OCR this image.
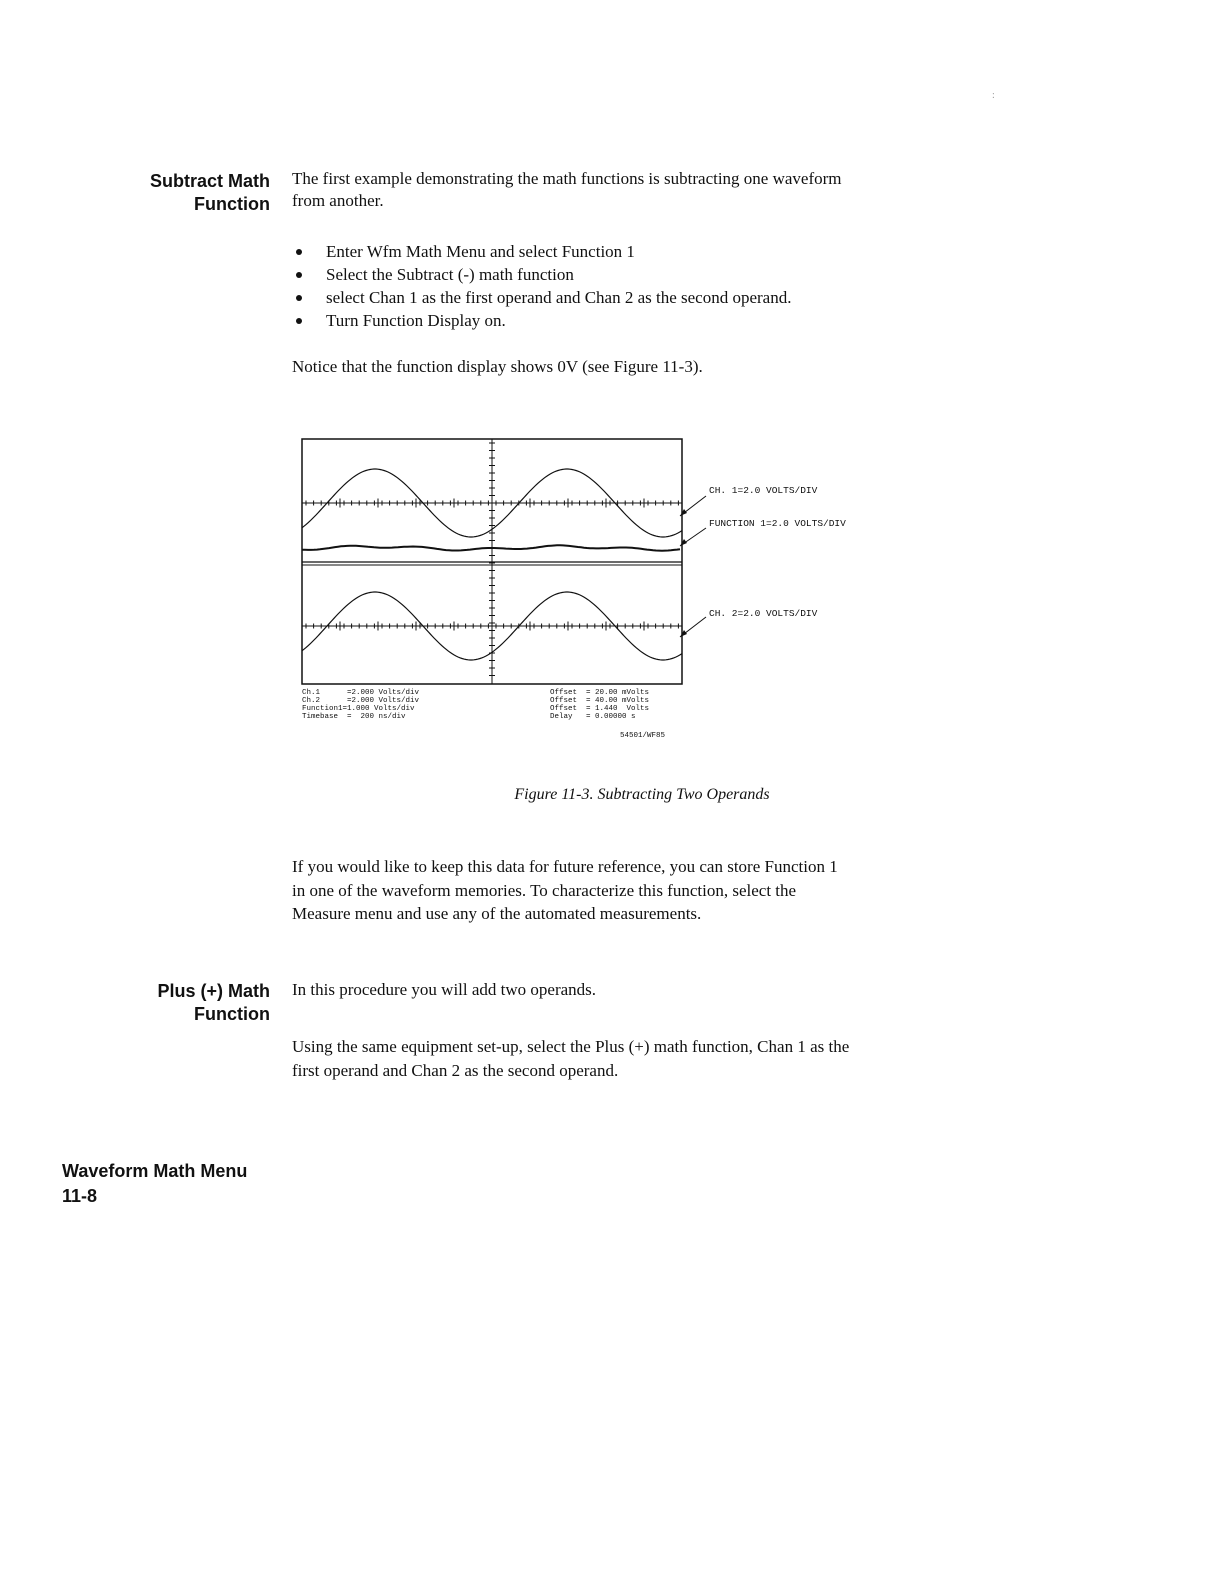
:
Subtract Math
Function
The first example demonstrating the math functions is subtracting one waveform from another.
Enter Wfm Math Menu and select Function 1
Select the Subtract (-) math function
select Chan 1 as the first operand and Chan 2 as the second operand.
Turn Function Display on.
Notice that the function display shows 0V (see Figure 11-3).
CH. 1=2.0 VOLTS/DIV
FUNCTION 1=2.0 VOLTS/DIV
CH. 2=2.0 VOLTS/DIV
Ch.1      =2.000 Volts/div
Ch.2      =2.000 Volts/div
Function1=1.000 Volts/div
Timebase  =  200 ns/div
Offset  = 20.00 mVolts
Offset  = 40.00 mVolts
Offset  = 1.440  Volts
Delay   = 0.00000 s
54501/WF85
Figure 11-3. Subtracting Two Operands
If you would like to keep this data for future reference, you can store Function 1 in one of the waveform memories. To characterize this function, select the Measure menu and use any of the automated measurements.
Plus (+) Math
Function
In this procedure you will add two operands.
Using the same equipment set-up, select the Plus (+) math function, Chan 1 as the first operand and Chan 2 as the second operand.
Waveform Math Menu
11-8
